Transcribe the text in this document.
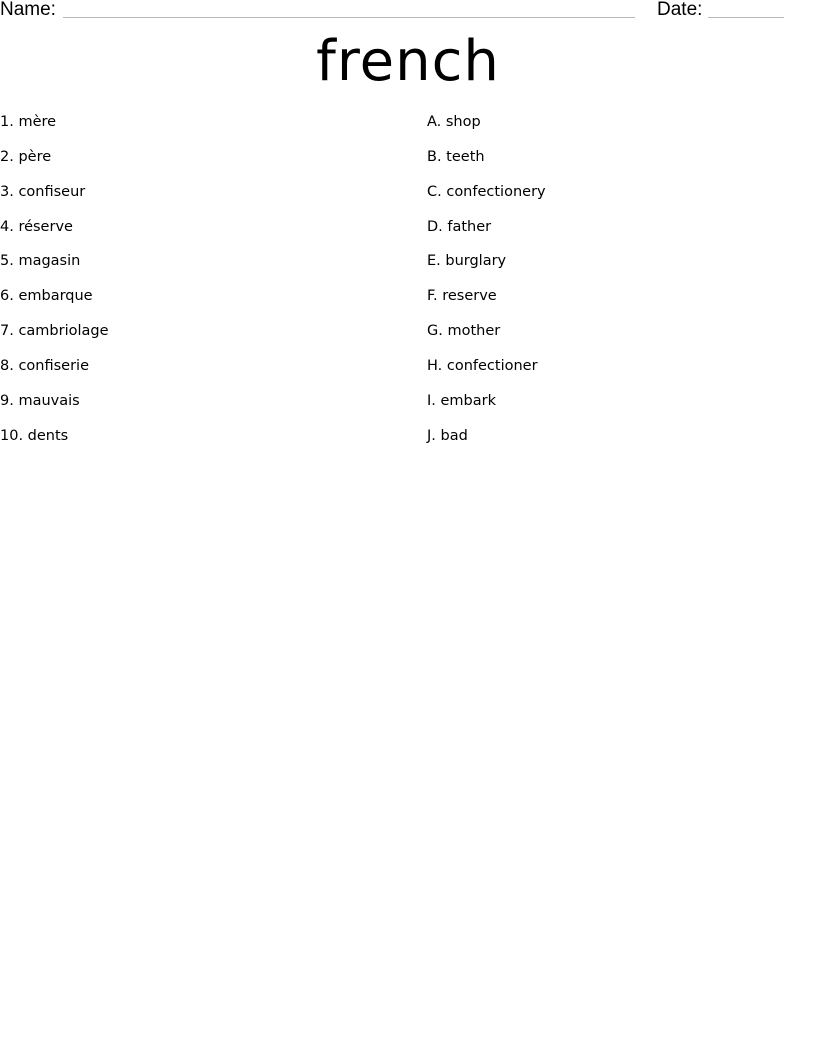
Name:	Date:
french
1. mère
2. père
3. confiseur
4. réserve
5. magasin
6. embarque
7. cambriolage
8. confiserie
9. mauvais
10. dents
A. shop
B. teeth
C. confectionery
D. father
E. burglary
F. reserve
G. mother
H. confectioner
I. embark
J. bad
